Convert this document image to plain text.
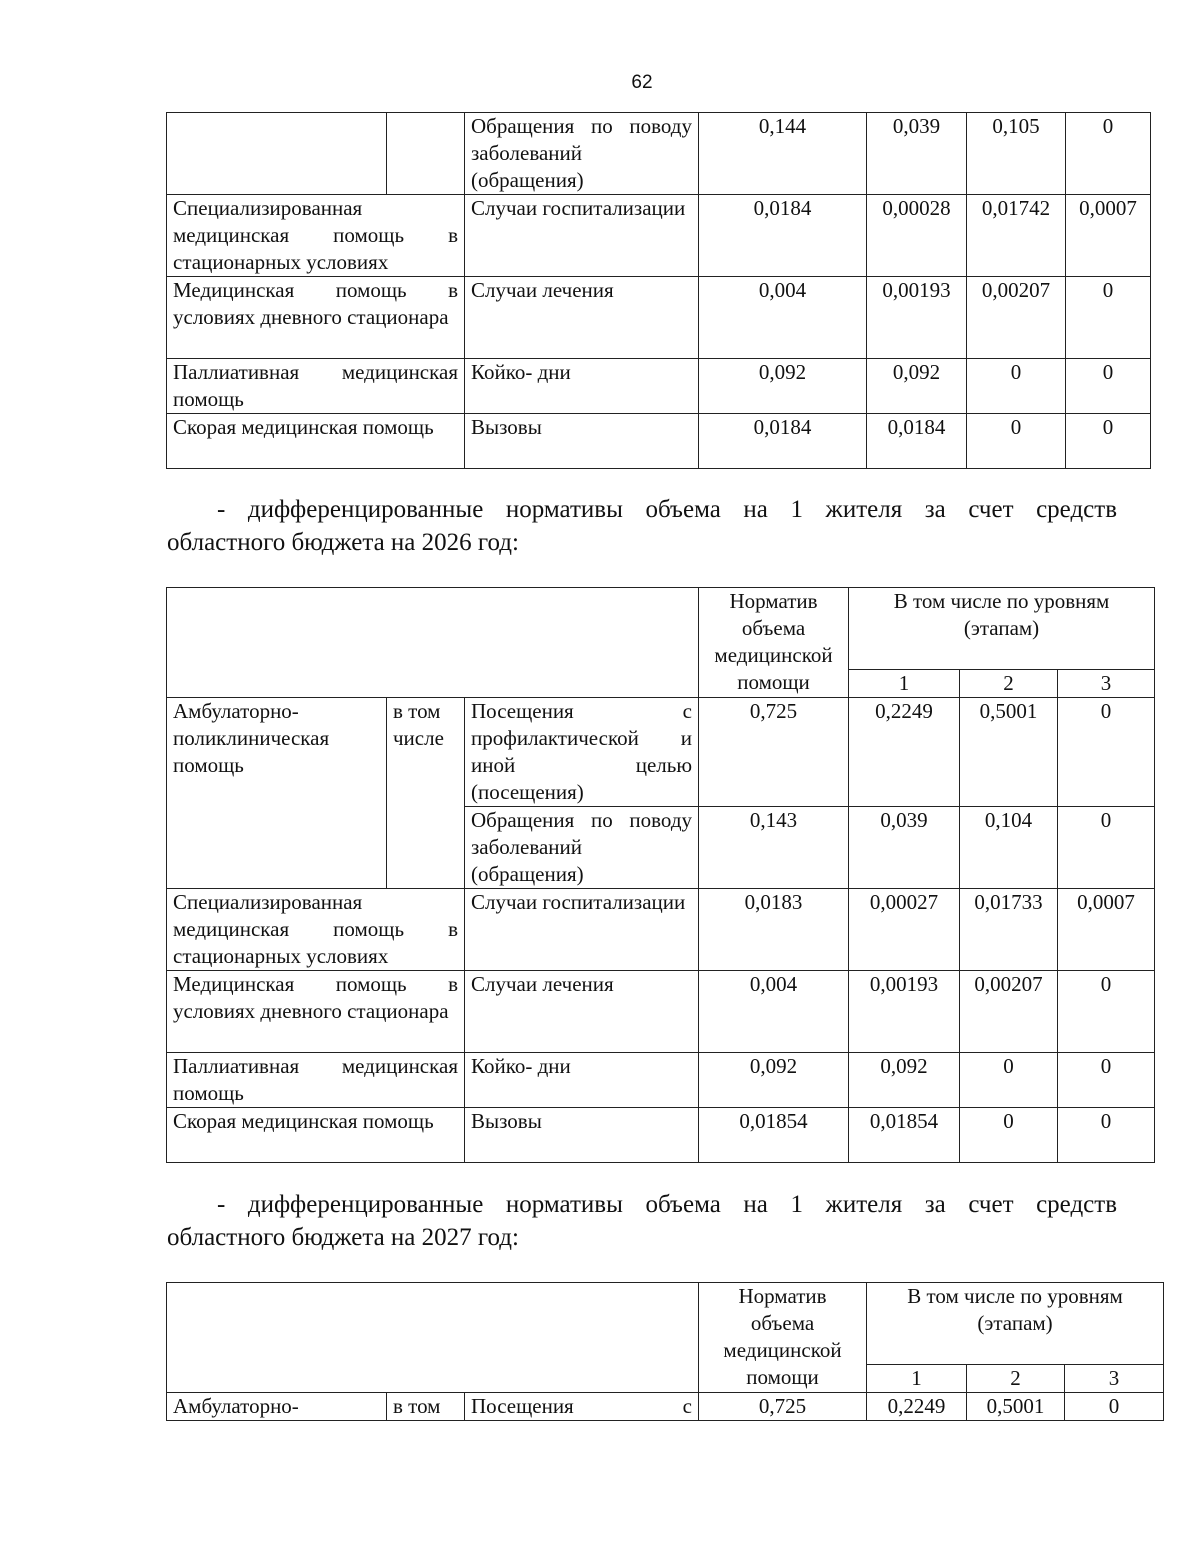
62
		Обращения по поводу заболеваний (обращения)	0,144	0,039	0,105	0
Специализированная медицинская помощь в стационарных условиях		Случаи госпитализации	0,0184	0,00028	0,01742	0,0007
Медицинская помощь в условиях дневного стационара		Случаи лечения	0,004	0,00193	0,00207	0
Паллиативная медицинская помощь		Койко- дни	0,092	0,092	0	0
Скорая медицинская помощь		Вызовы	0,0184	0,0184	0	0
- дифференцированные нормативы объема на 1 жителя за счет средств
областного бюджета на 2026 год:
			Норматив объема медицинской помощи	В том числе по уровням (этапам)		
				1	2	3
Амбулаторно-поликлиническая помощь	в том числе	Посещения с профилактической и иной целью (посещения)	0,725	0,2249	0,5001	0
		Обращения по поводу заболеваний (обращения)	0,143	0,039	0,104	0
Специализированная медицинская помощь в стационарных условиях		Случаи госпитализации	0,0183	0,00027	0,01733	0,0007
Медицинская помощь в условиях дневного стационара		Случаи лечения	0,004	0,00193	0,00207	0
Паллиативная медицинская помощь		Койко- дни	0,092	0,092	0	0
Скорая медицинская помощь		Вызовы	0,01854	0,01854	0	0
- дифференцированные нормативы объема на 1 жителя за счет средств
областного бюджета на 2027 год:
			Норматив объема медицинской помощи	В том числе по уровням (этапам)		
				1	2	3
Амбулаторно-	в том	Посещения с	0,725	0,2249	0,5001	0
